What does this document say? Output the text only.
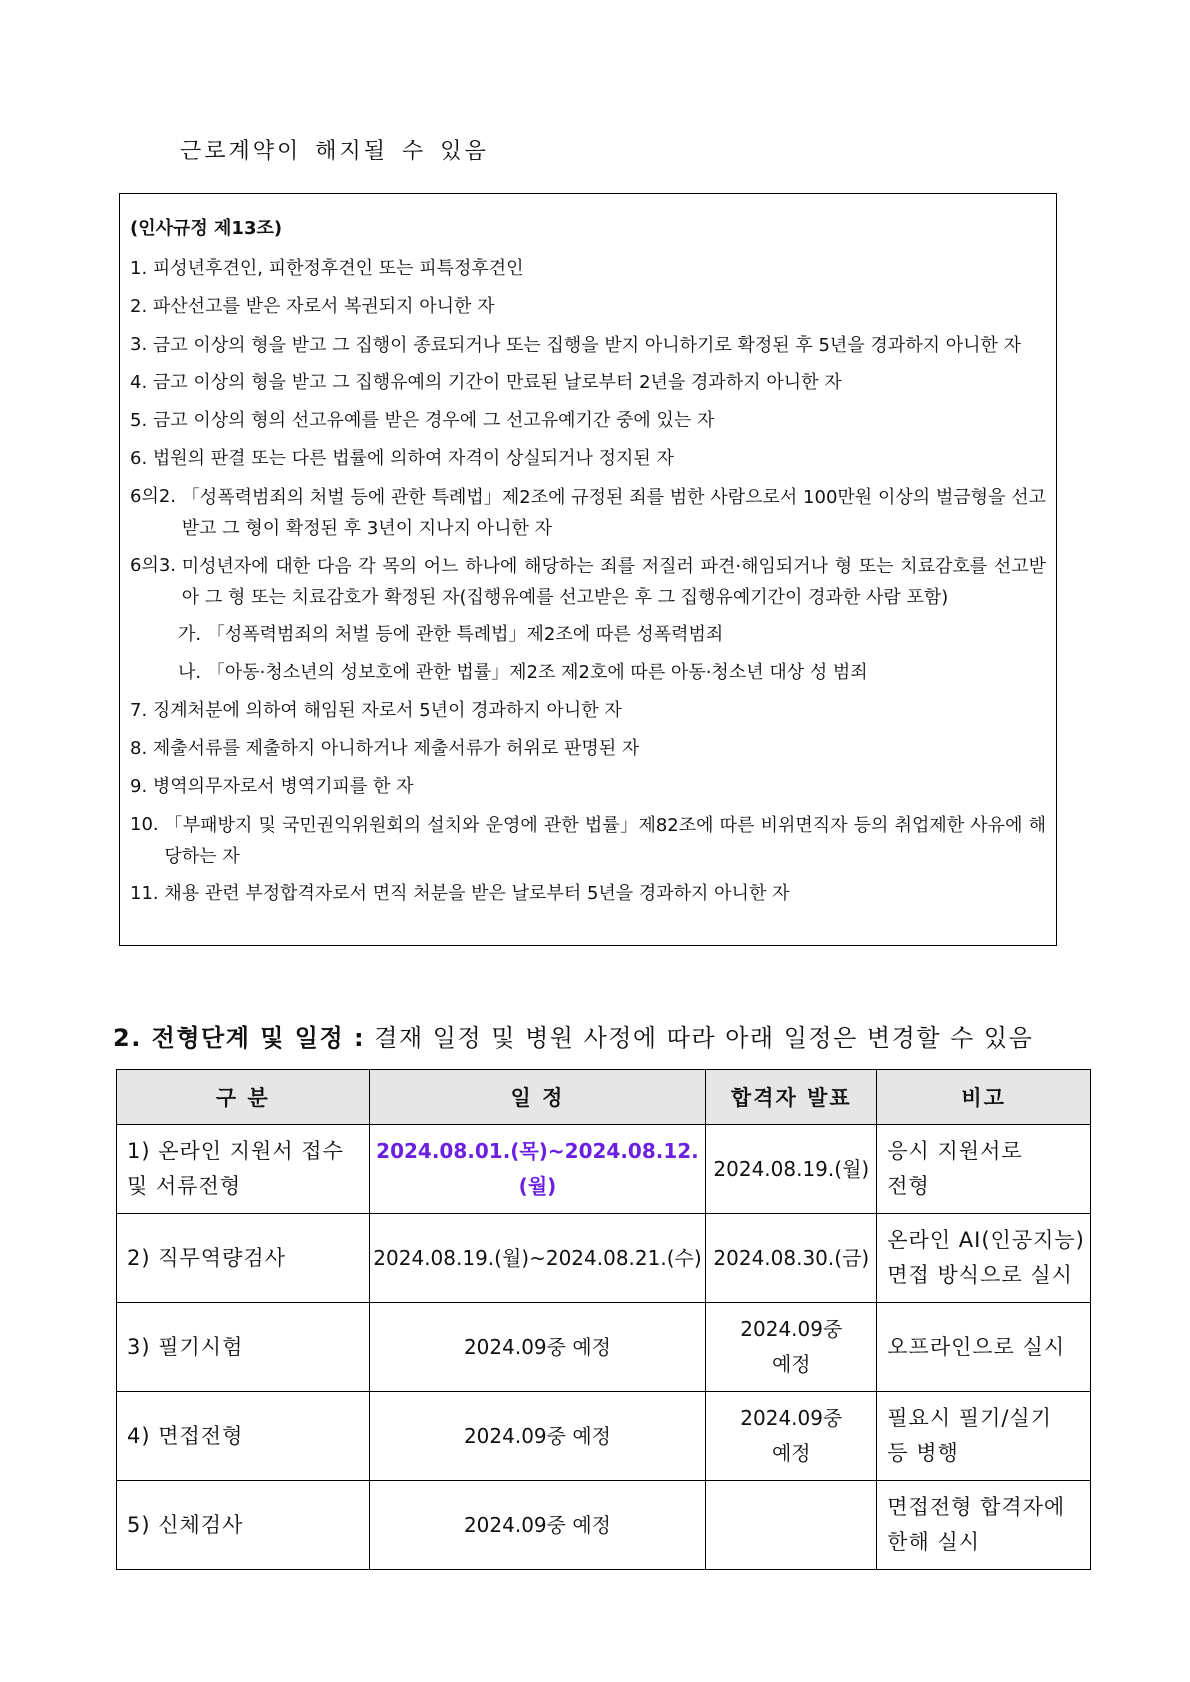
근로계약이 해지될 수 있음
(인사규정 제13조)
1. 피성년후견인, 피한정후견인 또는 피특정후견인
2. 파산선고를 받은 자로서 복권되지 아니한 자
3. 금고 이상의 형을 받고 그 집행이 종료되거나 또는 집행을 받지 아니하기로 확정된 후 5년을 경과하지 아니한 자
4. 금고 이상의 형을 받고 그 집행유예의 기간이 만료된 날로부터 2년을 경과하지 아니한 자
5. 금고 이상의 형의 선고유예를 받은 경우에 그 선고유예기간 중에 있는 자
6. 법원의 판결 또는 다른 법률에 의하여 자격이 상실되거나 정지된 자
6의2. 「성폭력범죄의 처벌 등에 관한 특례법」제2조에 규정된 죄를 범한 사람으로서 100만원 이상의 벌금형을 선고받고 그 형이 확정된 후 3년이 지나지 아니한 자
6의3. 미성년자에 대한 다음 각 목의 어느 하나에 해당하는 죄를 저질러 파견·해임되거나 형 또는 치료감호를 선고받아 그 형 또는 치료감호가 확정된 자(집행유예를 선고받은 후 그 집행유예기간이 경과한 사람 포함)
가. 「성폭력범죄의 처벌 등에 관한 특례법」제2조에 따른 성폭력범죄
나. 「아동·청소년의 성보호에 관한 법률」제2조 제2호에 따른 아동·청소년 대상 성 범죄
7. 징계처분에 의하여 해임된 자로서 5년이 경과하지 아니한 자
8. 제출서류를 제출하지 아니하거나 제출서류가 허위로 판명된 자
9. 병역의무자로서 병역기피를 한 자
10. 「부패방지 및 국민권익위원회의 설치와 운영에 관한 법률」제82조에 따른 비위면직자 등의 취업제한 사유에 해당하는 자
11. 채용 관련 부정합격자로서 면직 처분을 받은 날로부터 5년을 경과하지 아니한 자
2. 전형단계 및 일정 : 결재 일정 및 병원 사정에 따라 아래 일정은 변경할 수 있음
구 분	일 정	합격자 발표	비고
1) 온라인 지원서 접수
및 서류전형	2024.08.01.(목)~2024.08.12.(월)	2024.08.19.(월)	응시 지원서로
전형
2) 직무역량검사	2024.08.19.(월)~2024.08.21.(수)	2024.08.30.(금)	온라인 AI(인공지능)
면접 방식으로 실시
3) 필기시험	2024.09중 예정	2024.09중
예정	오프라인으로 실시
4) 면접전형	2024.09중 예정	2024.09중
예정	필요시 필기/실기
등 병행
5) 신체검사	2024.09중 예정		면접전형 합격자에
한해 실시
